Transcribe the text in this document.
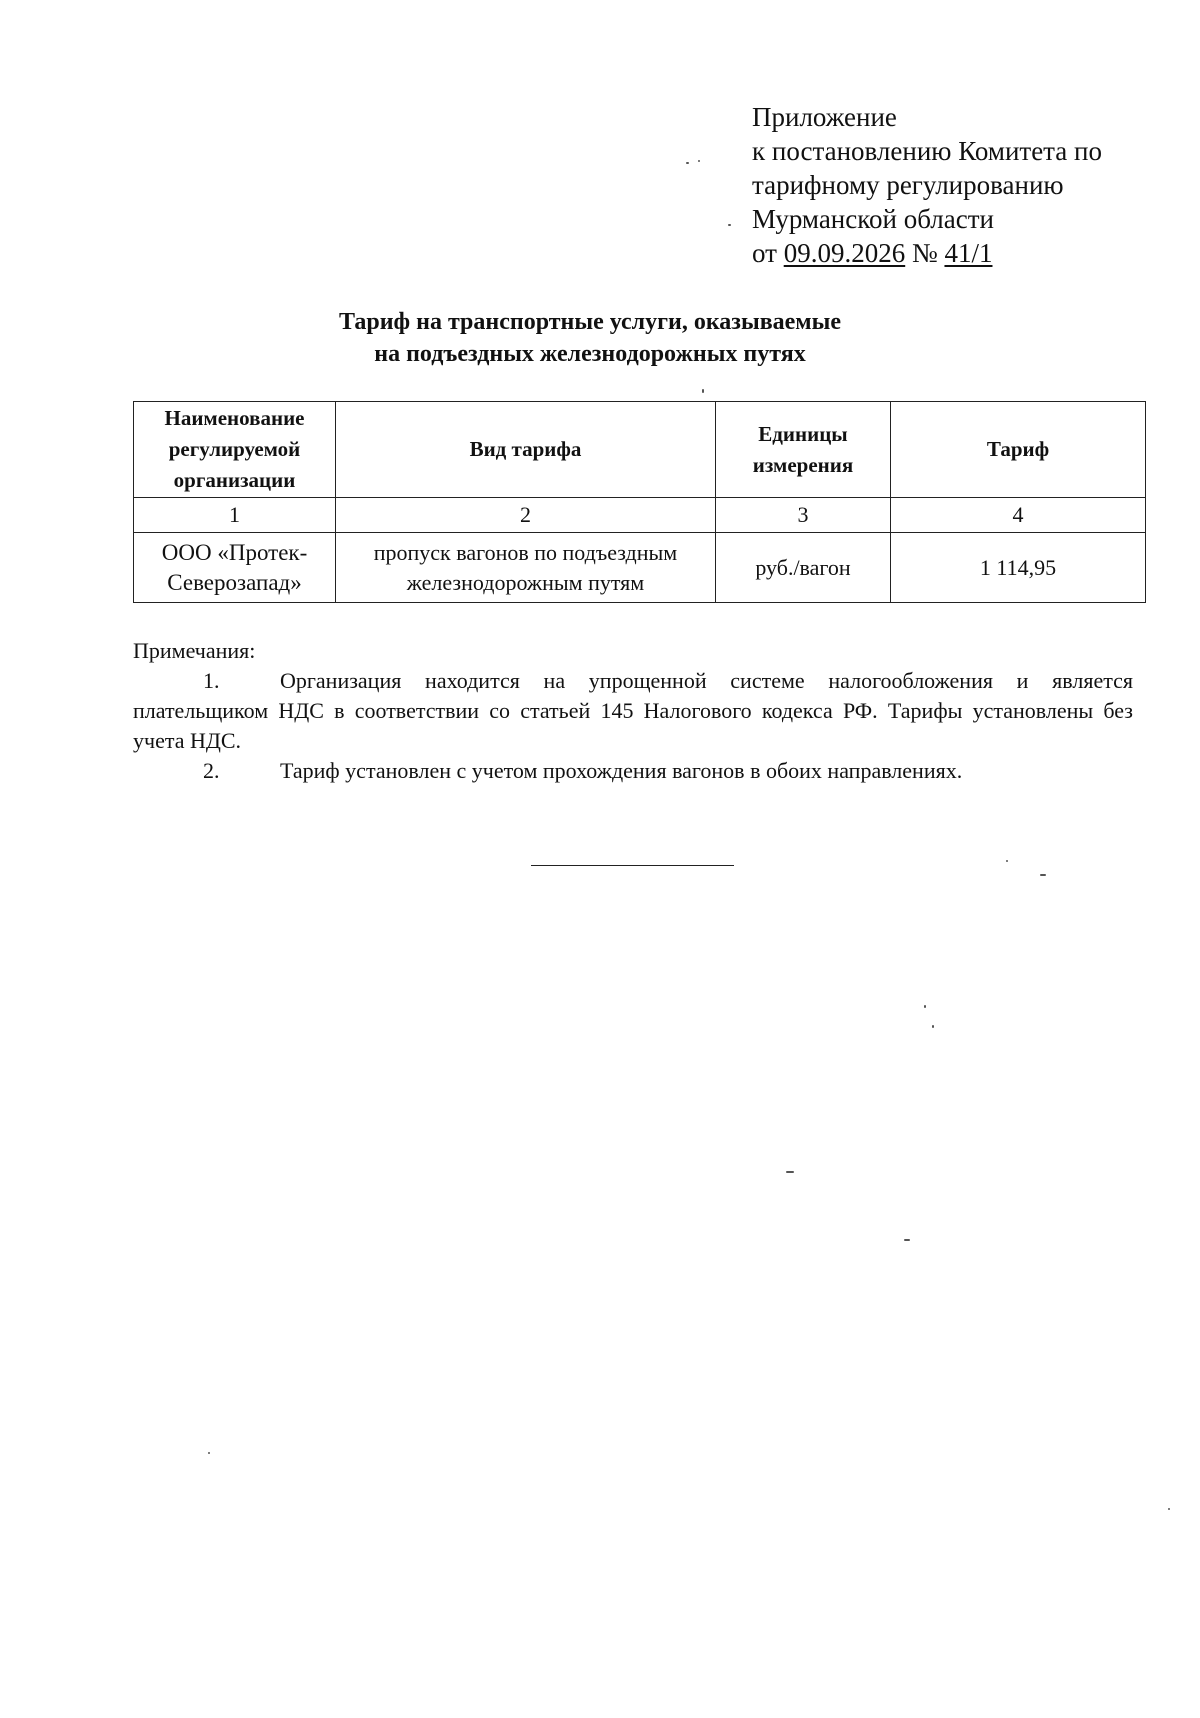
Приложение
к постановлению Комитета по
тарифному регулированию
Мурманской области
от 09.09.2026 № 41/1
Тариф на транспортные услуги, оказываемые
на подъездных железнодорожных путях
Наименование регулируемой организации	Вид тарифа	Единицы измерения	Тариф
1	2	3	4
ООО «Протек-Северозапад»	пропуск вагонов по подъездным железнодорожным путям	руб./вагон	1 114,95
Примечания:
1.	Организация находится на упрощенной системе налогообложения и является плательщиком НДС в соответствии со статьей 145 Налогового кодекса РФ. Тарифы установлены без учета НДС.
2.	Тариф установлен с учетом прохождения вагонов в обоих направлениях.
